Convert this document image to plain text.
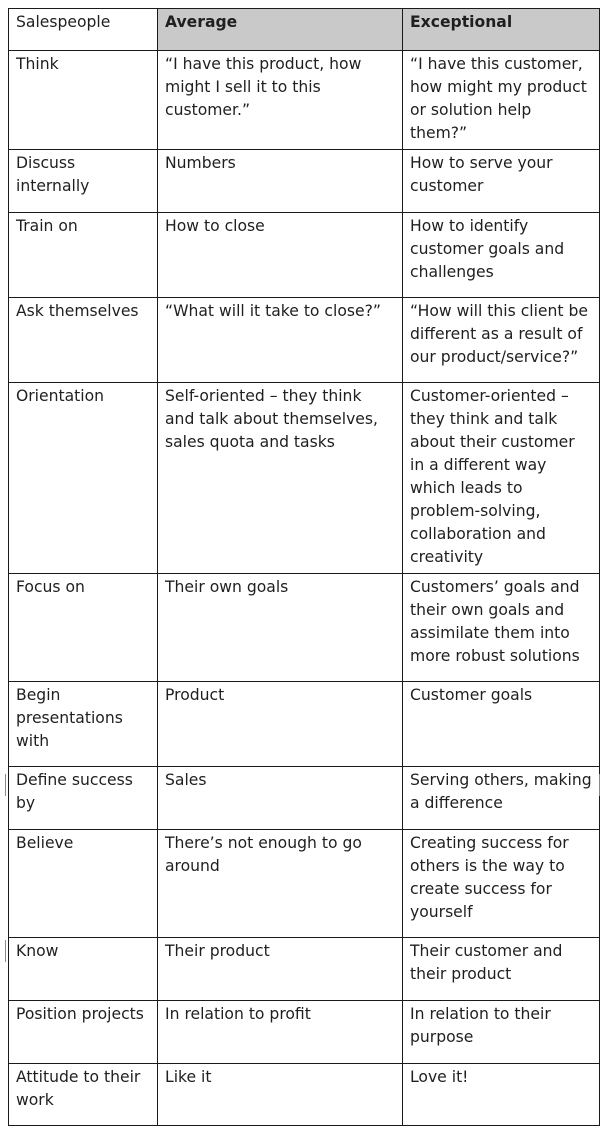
Salespeople	Average	Exceptional
Think	“I have this product, how might I sell it to this customer.”	“I have this customer, how might my product or solution help them?”
Discuss internally	Numbers	How to serve your customer
Train on	How to close	How to identify customer goals and challenges
Ask themselves	“What will it take to close?”	“How will this client be different as a result of our product/service?”
Orientation	Self-oriented – they think and talk about themselves, sales quota and tasks	Customer-oriented – they think and talk about their customer in a different way which leads to problem-solving, collaboration and creativity
Focus on	Their own goals	Customers’ goals and their own goals and assimilate them into more robust solutions
Begin presentations with	Product	Customer goals
Define success by	Sales	Serving others, making a difference
Believe	There’s not enough to go around	Creating success for others is the way to create success for yourself
Know	Their product	Their customer and their product
Position projects	In relation to profit	In relation to their purpose
Attitude to their work	Like it	Love it!
